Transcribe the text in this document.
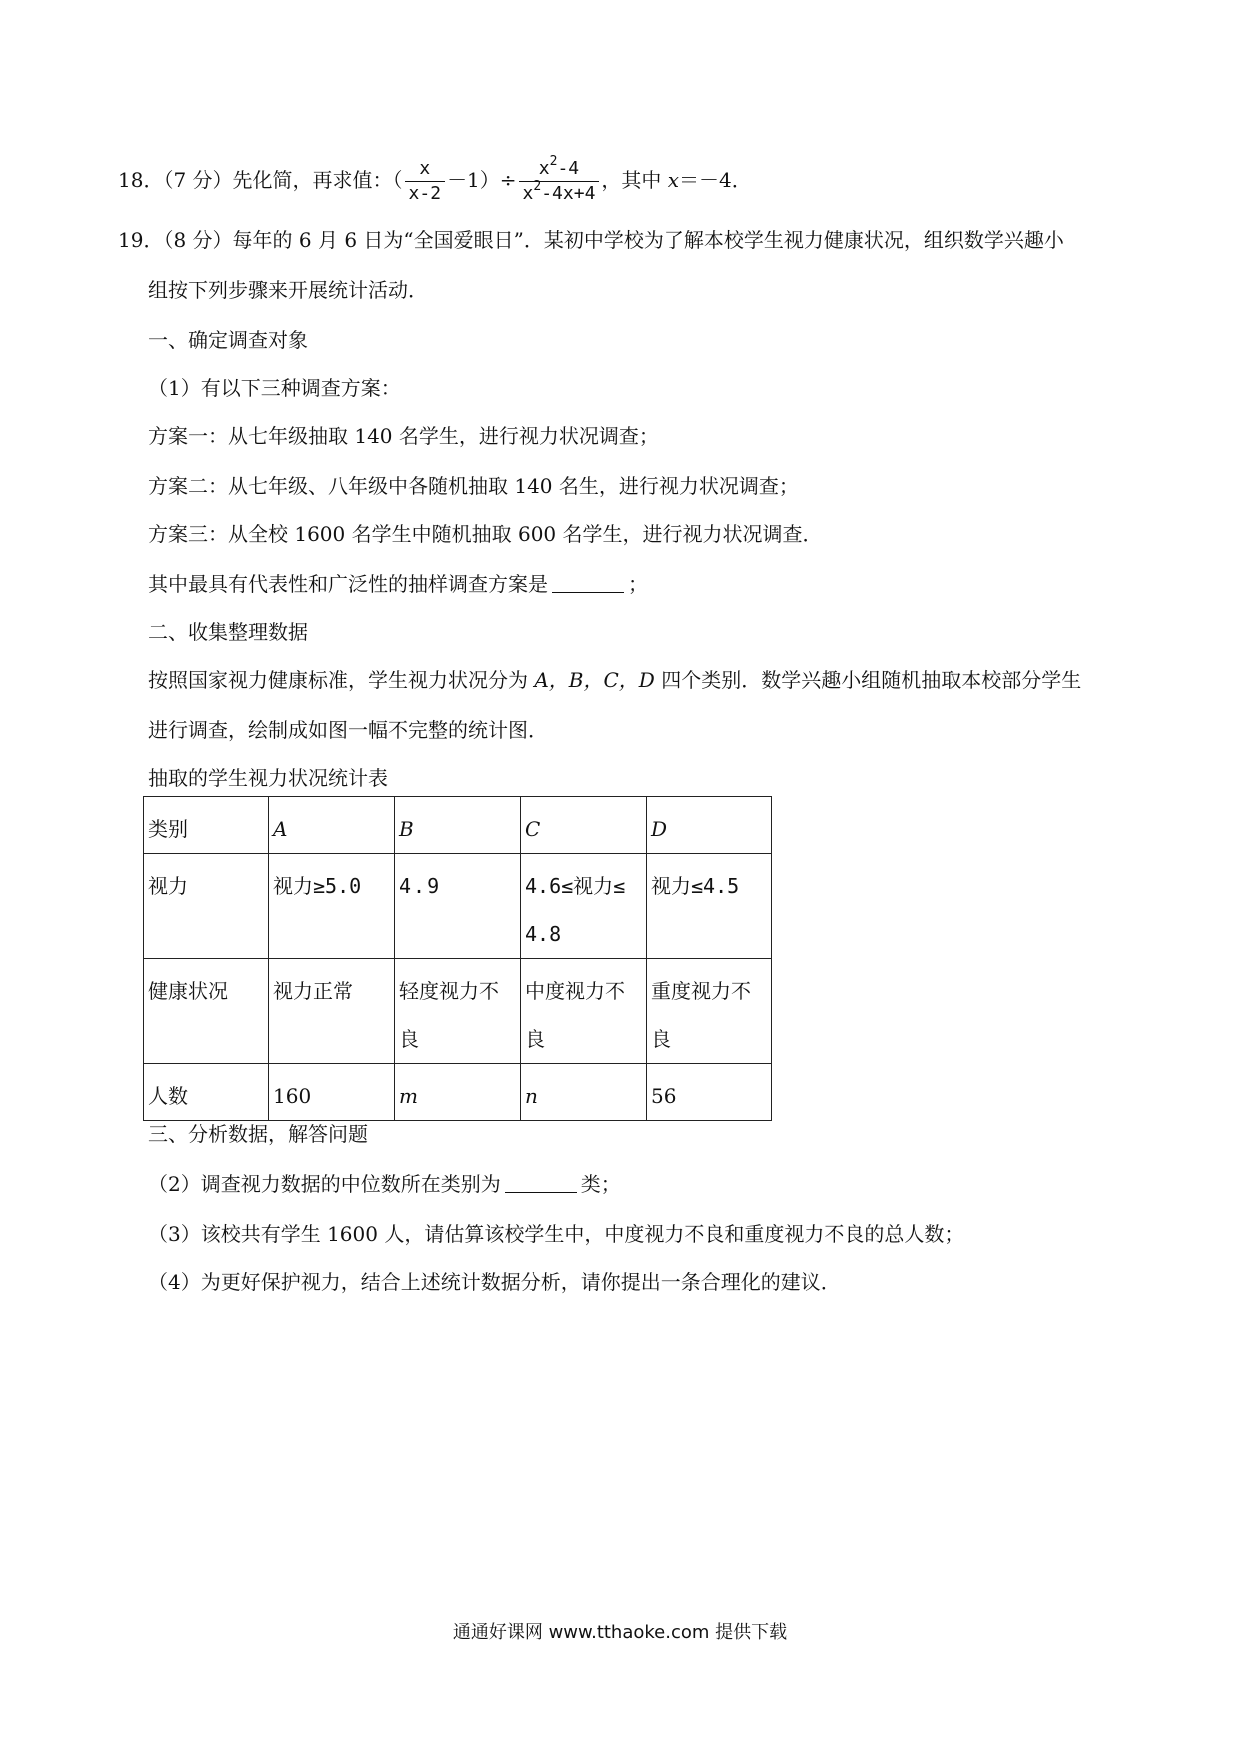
18．（7 分）先化简，再求值：（ $\frac{x}{x-2} -1)\div \frac{x^2-4}{x^2-4x+4}$ ，其中 x＝－4．
19．（8 分）每年的 6 月 6 日为“全国爱眼日”．某初中学校为了解本校学生视力健康状况，组织数学兴趣小
组按下列步骤来开展统计活动．
一、确定调查对象
（1）有以下三种调查方案：
方案一：从七年级抽取 140 名学生，进行视力状况调查；
方案二：从七年级、八年级中各随机抽取 140 名生，进行视力状况调查；
方案三：从全校 1600 名学生中随机抽取 600 名学生，进行视力状况调查．
其中最具有代表性和广泛性的抽样调查方案是	；
二、收集整理数据
按照国家视力健康标准，学生视力状况分为 A，B，C，D 四个类别．数学兴趣小组随机抽取本校部分学生
进行调查，绘制成如图一幅不完整的统计图．
抽取的学生视力状况统计表
类别	A	B	C	D
视力	视力≥5.0	4.9	4.6≤视力≤4.8	视力≤4.5
健康状况	视力正常	轻度视力不良	中度视力不良	重度视力不良
人数	160	m	n	56
三、分析数据，解答问题
（2）调查视力数据的中位数所在类别为	类；
（3）该校共有学生 1600 人，请估算该校学生中，中度视力不良和重度视力不良的总人数；
（4）为更好保护视力，结合上述统计数据分析，请你提出一条合理化的建议．
通通好课网 www.tthaoke.com 提供下载
